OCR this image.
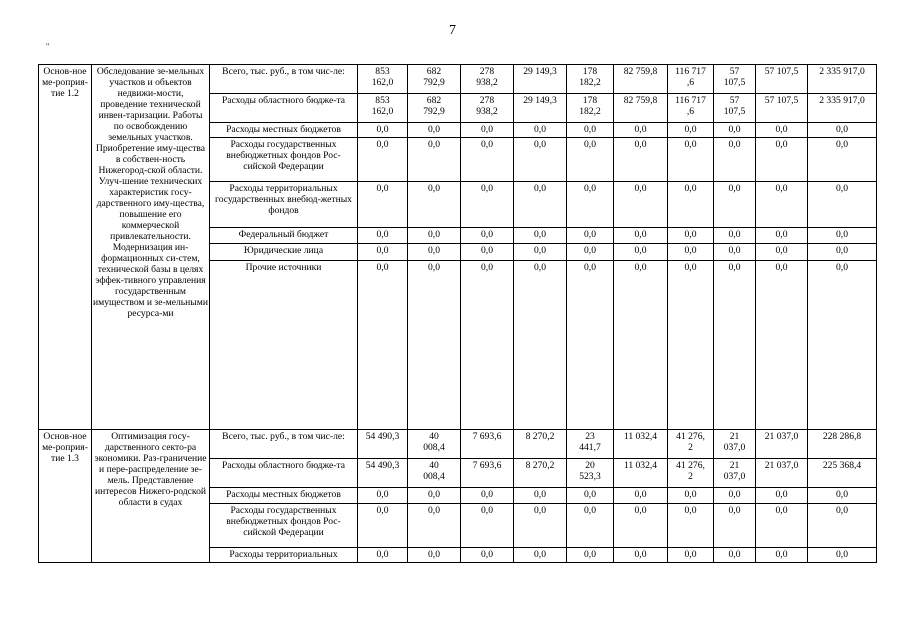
7
"
Основ-ное ме-роприя-тие 1.2	Обследование зе-мельных участков и объектов недвижи-мости, проведение технической инвен-таризации. Работы по освобождению земельных участков. Приобретение иму-щества в собствен-ность Нижегород-ской области. Улуч-шение технических характеристик госу-дарственного иму-щества, повышение его коммерческой привлекательности. Модернизация ин-формационных си-стем, технической базы в целях эффек-тивного управления государственным имуществом и зе-мельными ресурса-ми	Всего, тыс. руб., в том чис-ле:	853
162,0	682
792,9	278
938,2	29 149,3	178
182,2	82 759,8	116 717
,6	57
107,5	57 107,5	2 335 917,0
		Расходы областного бюдже-та	853
162,0	682
792,9	278
938,2	29 149,3	178
182,2	82 759,8	116 717
,6	57
107,5	57 107,5	2 335 917,0
		Расходы местных бюджетов	0,0	0,0	0,0	0,0	0,0	0,0	0,0	0,0	0,0	0,0
		Расходы государственных внебюджетных фондов Рос-сийской Федерации	0,0	0,0	0,0	0,0	0,0	0,0	0,0	0,0	0,0	0,0
		Расходы территориальных государственных внебюд-жетных фондов	0,0	0,0	0,0	0,0	0,0	0,0	0,0	0,0	0,0	0,0
		Федеральный бюджет	0,0	0,0	0,0	0,0	0,0	0,0	0,0	0,0	0,0	0,0
		Юридические лица	0,0	0,0	0,0	0,0	0,0	0,0	0,0	0,0	0,0	0,0
		Прочие источники	0,0	0,0	0,0	0,0	0,0	0,0	0,0	0,0	0,0	0,0
Основ-ное ме-роприя-тие 1.3	Оптимизация госу-дарственного секто-ра экономики. Раз-граничение и пере-распределение зе-мель. Представление интересов Нижего-родской области в судах	Всего, тыс. руб., в том чис-ле:	54 490,3	40
008,4	7 693,6	8 270,2	23
441,7	11 032,4	41 276,
2	21
037,0	21 037,0	228 286,8
		Расходы областного бюдже-та	54 490,3	40
008,4	7 693,6	8 270,2	20
523,3	11 032,4	41 276,
2	21
037,0	21 037,0	225 368,4
		Расходы местных бюджетов	0,0	0,0	0,0	0,0	0,0	0,0	0,0	0,0	0,0	0,0
		Расходы государственных внебюджетных фондов Рос-сийской Федерации	0,0	0,0	0,0	0,0	0,0	0,0	0,0	0,0	0,0	0,0
		Расходы территориальных	0,0	0,0	0,0	0,0	0,0	0,0	0,0	0,0	0,0	0,0
